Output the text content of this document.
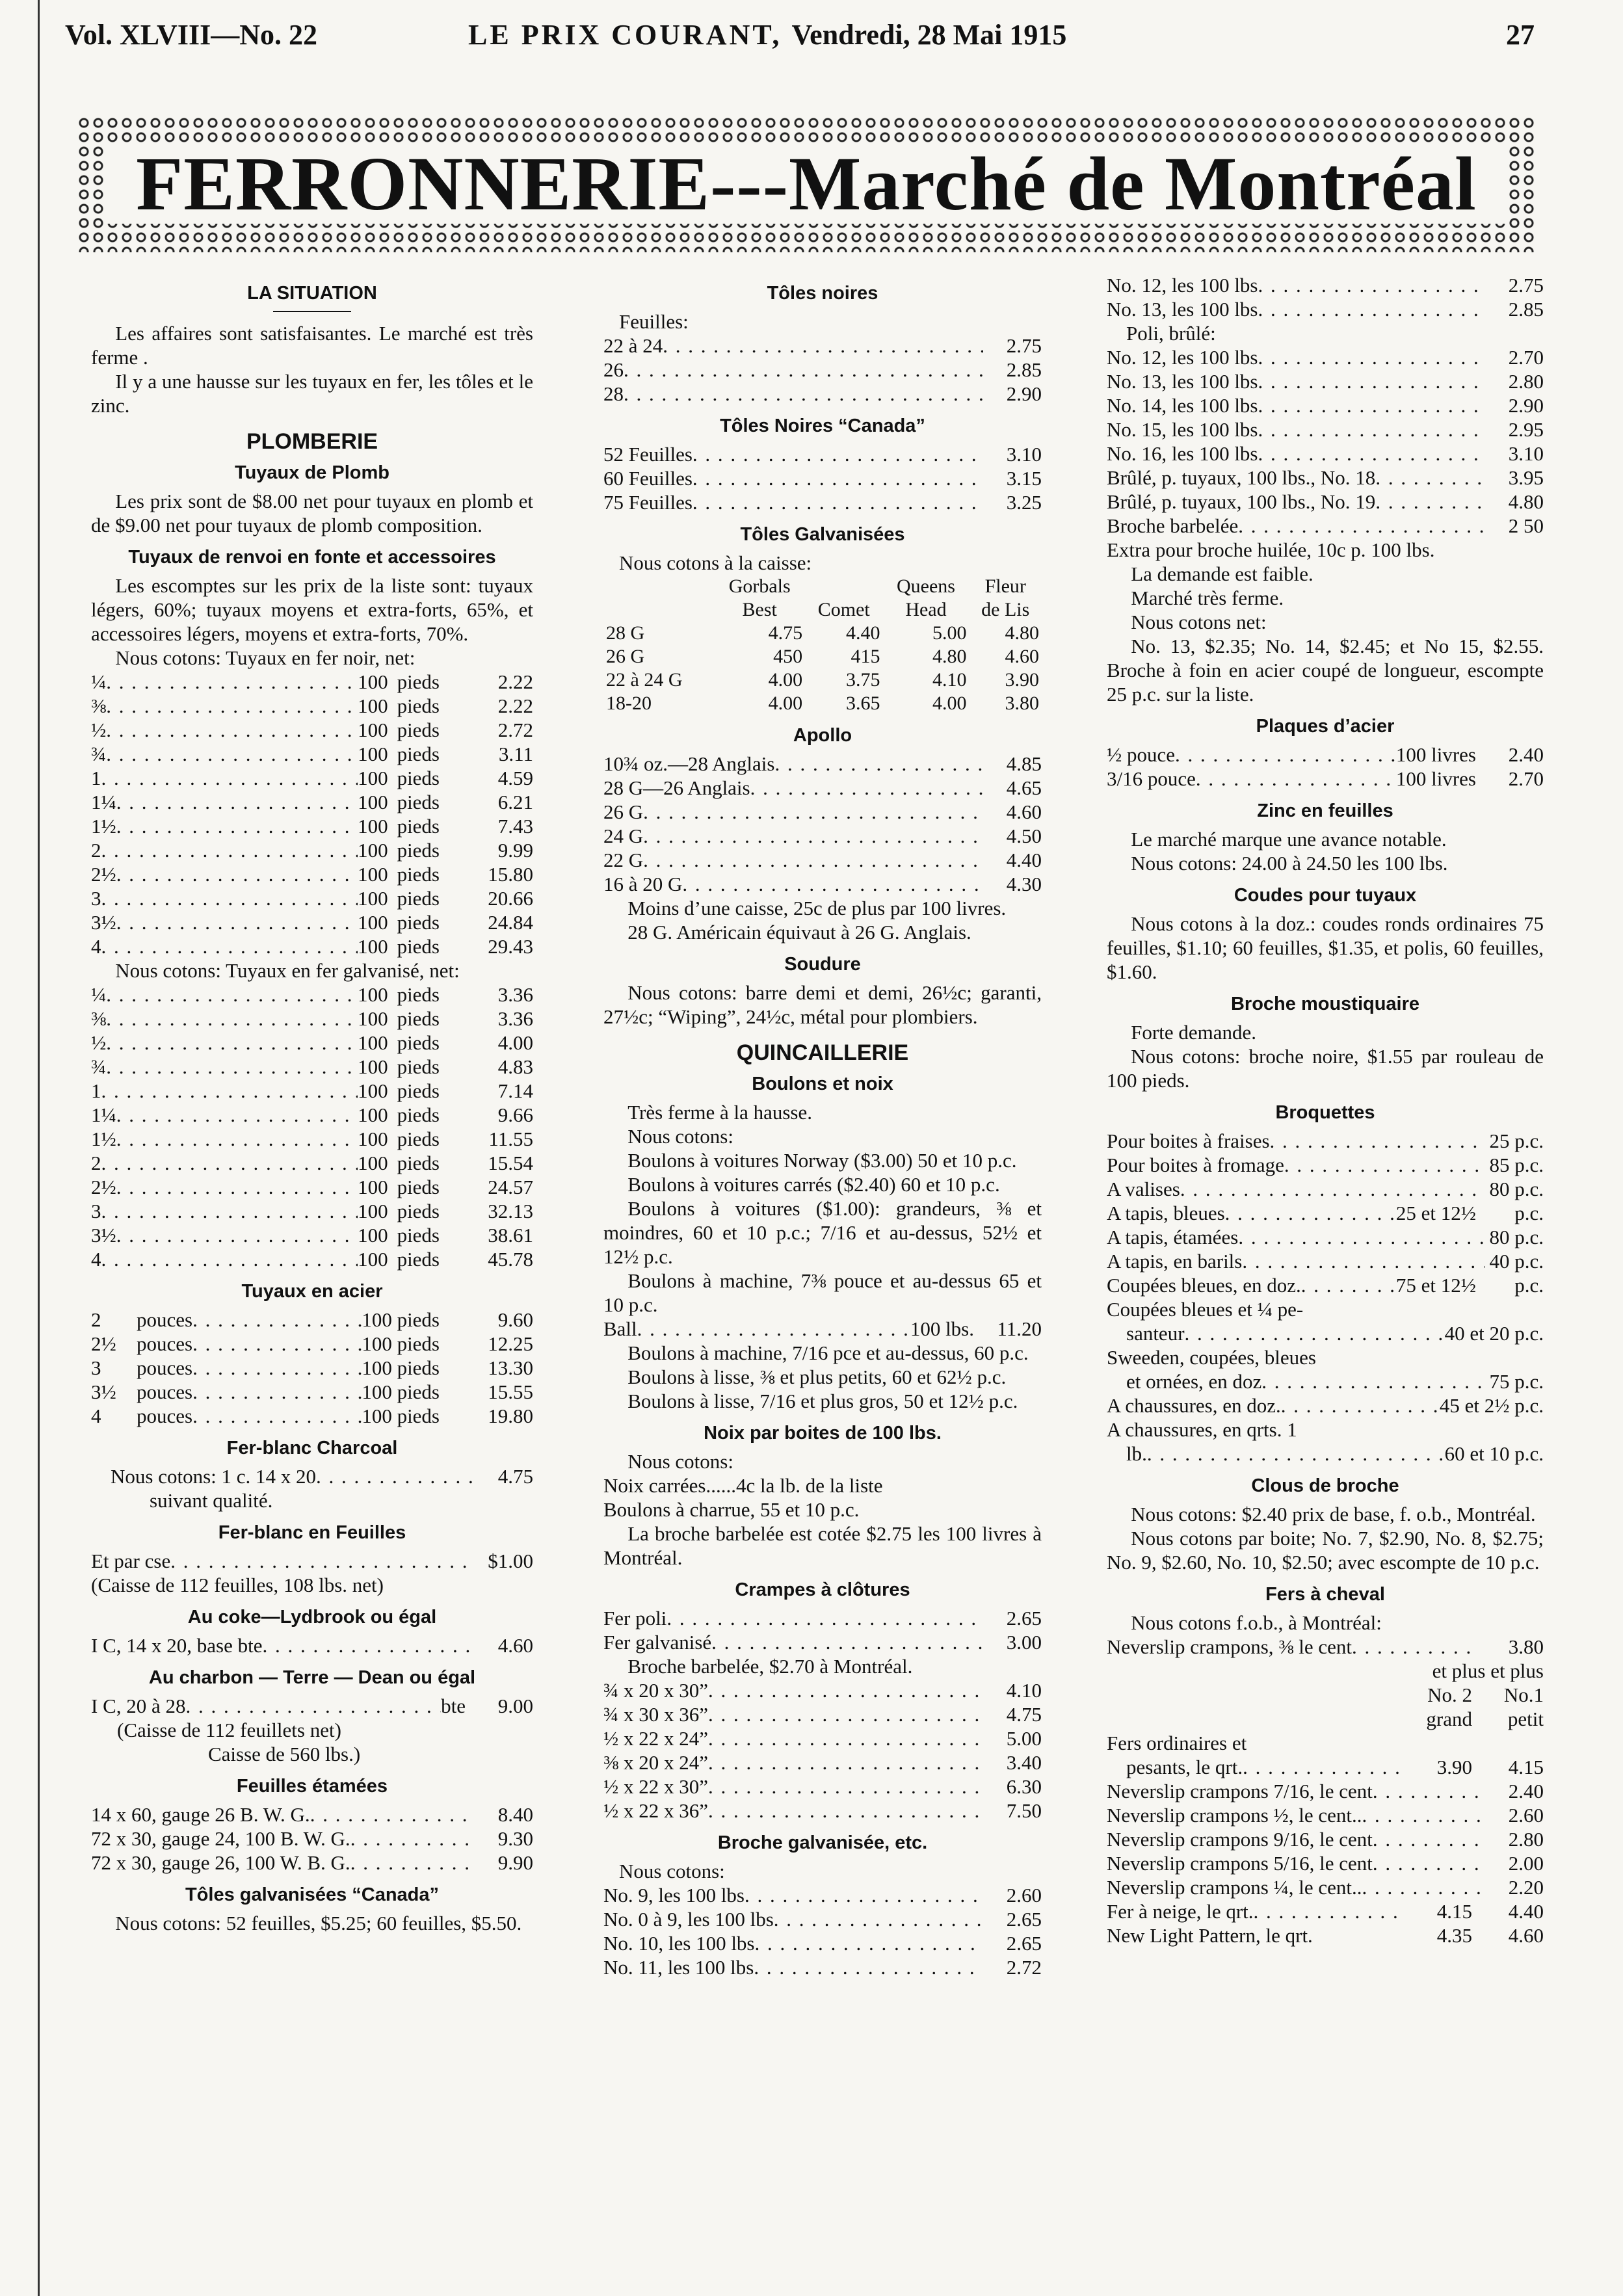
Vol. XLVIII—No. 22	LE PRIX COURANT, Vendredi, 28 Mai 1915	27
FERRONNERIE---Marché de Montréal
LA SITUATION

Les affaires sont satisfaisantes. Le marché est très ferme .

Il y a une hausse sur les tuyaux en fer, les tôles et le zinc.

PLOMBERIE
Tuyaux de Plomb

Les prix sont de $8.00 net pour tuyaux en plomb et de $9.00 net pour tuyaux de plomb composition.

Tuyaux de renvoi en fonte et accessoires

Les escomptes sur les prix de la liste sont: tuyaux légers, 60%; tuyaux moyens et extra-forts, 65%, et accessoires légers, moyens et extra-forts, 70%.

Nous cotons: Tuyaux en fer noir, net:

¼ . . .	100 pieds	2.22
⅜ . . .	100 pieds	2.22
½ . . .	100 pieds	2.72
¾ . . .	100 pieds	3.11
1 . . .	100 pieds	4.59
1¼ . . .	100 pieds	6.21
1½ . . .	100 pieds	7.43
2 . . .	100 pieds	9.99
2½ . . .	100 pieds	15.80
3 . . .	100 pieds	20.66
3½ . . .	100 pieds	24.84
4 . . .	100 pieds	29.43

Nous cotons: Tuyaux en fer galvanisé, net:

¼ . . .	100 pieds	3.36
⅜ . . .	100 pieds	3.36
½ . . .	100 pieds	4.00
¾ . . .	100 pieds	4.83
1 . . .	100 pieds	7.14
1¼ . . .	100 pieds	9.66
1½ . . .	100 pieds	11.55
2 . . .	100 pieds	15.54
2½ . . .	100 pieds	24.57
3 . . .	100 pieds	32.13
3½ . . .	100 pieds	38.61
4 . . .	100 pieds	45.78
Tuyaux en acier
2	pouces . . .	100 pieds	9.60
2½	pouces . . .	100 pieds	12.25
3	pouces . . .	100 pieds	13.30
3½	pouces . . .	100 pieds	15.55
4	pouces . . .	100 pieds	19.80
Fer-blanc Charcoal
Nous cotons: 1 c. 14 x 20 . . .	4.75
suivant qualité.
Fer-blanc en Feuilles
Et par cse . . .	$1.00
(Caisse de 112 feuilles, 108 lbs. net)
Au coke—Lydbrook ou égal
I C, 14 x 20, base bte . . .	4.60
Au charbon — Terre — Dean ou égal
I C, 20 à 28 . . .	bte	9.00
(Caisse de 112 feuillets net)
Caisse de 560 lbs.)
Feuilles étamées
14 x 60, gauge 26 B. W. G. . . .	8.40
72 x 30, gauge 24, 100 B. W. G. . . .	9.30
72 x 30, gauge 26, 100 W. B. G. . . .	9.90
Tôles galvanisées “Canada”

Nous cotons: 52 feuilles, $5.25; 60 feuilles, $5.50.

Tôles noires
Feuilles:
22 à 24 . . .	2.75
26 . . .	2.85
28 . . .	2.90
Tôles Noires “Canada”
52 Feuilles . . .	3.10
60 Feuilles . . .	3.15
75 Feuilles . . .	3.25
Tôles Galvanisées
Nous cotons à la caisse:
	Gorbals		Queens	Fleur
	Best	Comet	Head	de Lis
28 G	4.75	4.40	5.00	4.80
26 G	450	415	4.80	4.60
22 à 24 G	4.00	3.75	4.10	3.90
18-20	4.00	3.65	4.00	3.80
Apollo
10¾ oz.—28 Anglais . . .	4.85
28 G—26 Anglais . . .	4.65
26 G . . .	4.60
24 G . . .	4.50
22 G . . .	4.40
16 à 20 G . . .	4.30

Moins d’une caisse, 25c de plus par 100 livres.

28 G. Américain équivaut à 26 G. Anglais.

Soudure

Nous cotons: barre demi et demi, 26½c; garanti, 27½c; “Wiping”, 24½c, métal pour plombiers.

QUINCAILLERIE
Boulons et noix

Très ferme à la hausse.

Nous cotons:

Boulons à voitures Norway ($3.00) 50 et 10 p.c.

Boulons à voitures carrés ($2.40) 60 et 10 p.c.

Boulons à voitures ($1.00): grandeurs, ⅜ et moindres, 60 et 10 p.c.; 7/16 et au-dessus, 52½ et 12½ p.c.

Boulons à machine, 7⅜ pouce et au-dessus 65 et 10 p.c.

Ball . . .	100 lbs.	11.20

Boulons à machine, 7/16 pce et au-dessus, 60 p.c.

Boulons à lisse, ⅜ et plus petits, 60 et 62½ p.c.

Boulons à lisse, 7/16 et plus gros, 50 et 12½ p.c.

Noix par boites de 100 lbs.

Nous cotons:

Noix carrées......4c la lb. de la liste

Boulons à charrue, 55 et 10 p.c.

La broche barbelée est cotée $2.75 les 100 livres à Montréal.

Crampes à clôtures
Fer poli . . .	2.65
Fer galvanisé . . .	3.00

Broche barbelée, $2.70 à Montréal.

¾ x 20 x 30” . . .	4.10
¾ x 30 x 36” . . .	4.75
½ x 22 x 24” . . .	5.00
⅜ x 20 x 24” . . .	3.40
½ x 22 x 30” . . .	6.30
½ x 22 x 36” . . .	7.50
Broche galvanisée, etc.
Nous cotons:
No. 9, les 100 lbs . . .	2.60
No. 0 à 9, les 100 lbs . . .	2.65
No. 10, les 100 lbs . . .	2.65
No. 11, les 100 lbs . . .	2.72
No. 12, les 100 lbs . . .	2.75
No. 13, les 100 lbs . . .	2.85
Poli, brûlé:
No. 12, les 100 lbs . . .	2.70
No. 13, les 100 lbs . . .	2.80
No. 14, les 100 lbs . . .	2.90
No. 15, les 100 lbs . . .	2.95
No. 16, les 100 lbs . . .	3.10
Brûlé, p. tuyaux, 100 lbs., No. 18 . . .	3.95
Brûlé, p. tuyaux, 100 lbs., No. 19 . . .	4.80
Broche barbelée . . .	2 50

Extra pour broche huilée, 10c p. 100 lbs.

La demande est faible.

Marché très ferme.

Nous cotons net:

No. 13, $2.35; No. 14, $2.45; et No 15, $2.55. Broche à foin en acier coupé de longueur, escompte 25 p.c. sur la liste.

Plaques d’acier
½ pouce . . .	100 livres	2.40
3/16 pouce . . .	100 livres	2.70
Zinc en feuilles

Le marché marque une avance notable.

Nous cotons: 24.00 à 24.50 les 100 lbs.

Coudes pour tuyaux

Nous cotons à la doz.: coudes ronds ordinaires 75 feuilles, $1.10; 60 feuilles, $1.35, et polis, 60 feuilles, $1.60.

Broche moustiquaire

Forte demande.

Nous cotons: broche noire, $1.55 par rouleau de 100 pieds.

Broquettes
Pour boites à fraises . . .	25 p.c.
Pour boites à fromage . . .	85 p.c.
A valises . . .	80 p.c.
A tapis, bleues . . .	25 et 12½	p.c.
A tapis, étamées . . .	80 p.c.
A tapis, en barils . . .	40 p.c.
Coupées bleues, en doz. . . .	75 et 12½	p.c.
Coupées bleues et ¼ pe-
santeur . . .	40 et 20 p.c.
Sweeden, coupées, bleues
et ornées, en doz . . .	75 p.c.
A chaussures, en doz. . . .	45 et 2½ p.c.
A chaussures, en qrts. 1
lb. . . .	60 et 10 p.c.
Clous de broche

Nous cotons: $2.40 prix de base, f. o.b., Montréal.

Nous cotons par boite; No. 7, $2.90, No. 8, $2.75; No. 9, $2.60, No. 10, $2.50; avec escompte de 10 p.c.

Fers à cheval

Nous cotons f.o.b., à Montréal:

Neverslip crampons, ⅜ le cent . . .	3.80
et plus et plus
No. 2	No.1
grand	petit
Fers ordinaires et
pesants, le qrt. . . .	3.90	4.15
Neverslip crampons 7/16, le cent . . .	2.40
Neverslip crampons ½, le cent.. . . .	2.60
Neverslip crampons 9/16, le cent . . .	2.80
Neverslip crampons 5/16, le cent . . .	2.00
Neverslip crampons ¼, le cent.. . . .	2.20
Fer à neige, le qrt. . . .	4.15	4.40
New Light Pattern, le qrt.	4.35	4.60
